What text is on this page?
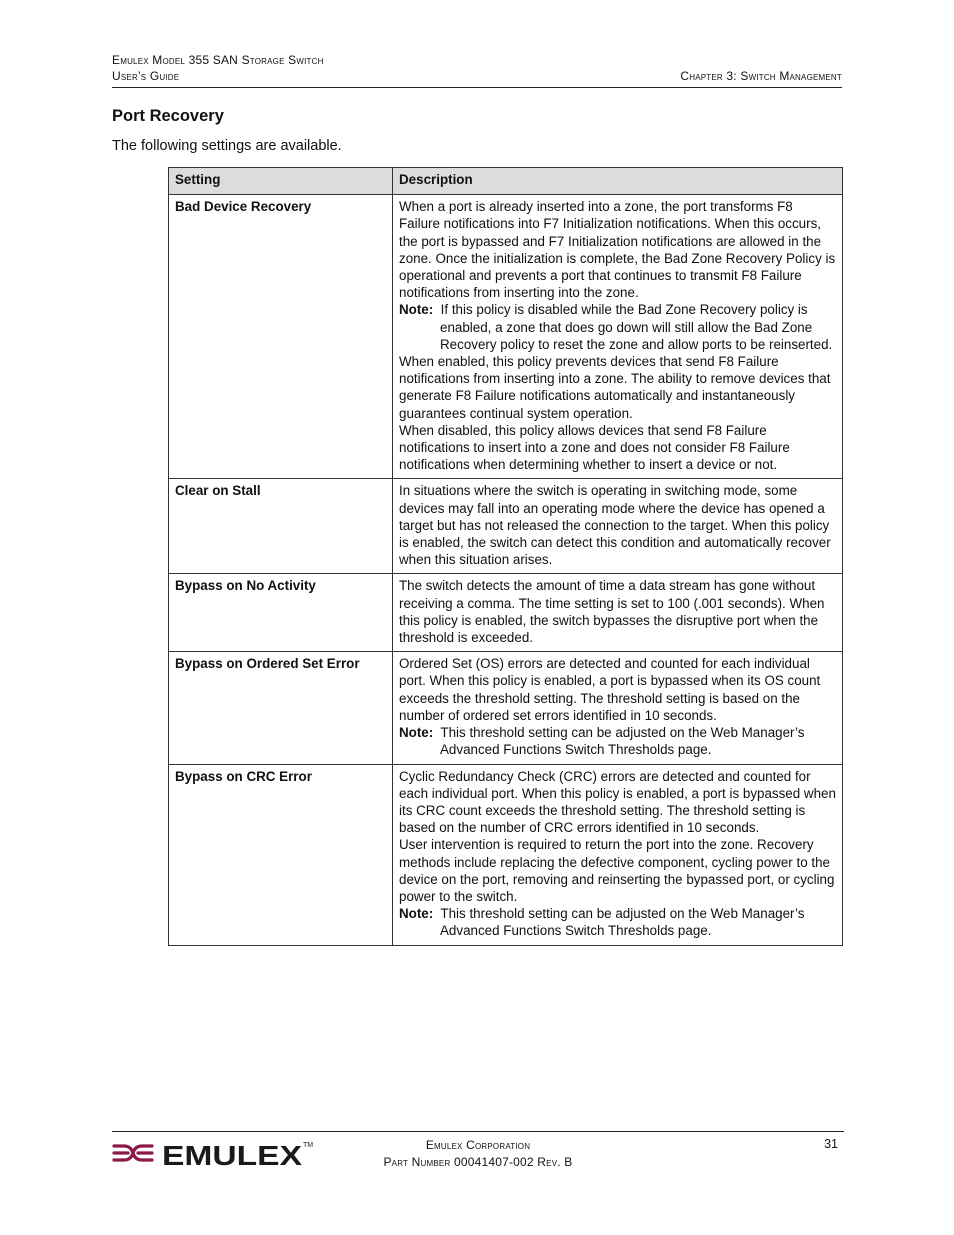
Emulex Model 355 SAN Storage Switch
User’s Guide	Chapter 3: Switch Management
Port Recovery
The following settings are available.
Setting	Description

Bad Device Recovery	When a port is already inserted into a zone, the port transforms F8 Failure notifications into F7 Initialization notifications. When this occurs, the port is bypassed and F7 Initialization notifications are allowed in the zone. Once the initialization is complete, the Bad Zone Recovery Policy is operational and prevents a port that continues to transmit F8 Failure notifications from inserting into the zone.

Note: If this policy is disabled while the Bad Zone Recovery policy is enabled, a zone that does go down will still allow the Bad Zone Recovery policy to reset the zone and allow ports to be reinserted.

When enabled, this policy prevents devices that send F8 Failure notifications from inserting into a zone. The ability to remove devices that generate F8 Failure notifications automatically and instantaneously guarantees continual system operation.

When disabled, this policy allows devices that send F8 Failure notifications to insert into a zone and does not consider F8 Failure notifications when determining whether to insert a device or not.

Clear on Stall	In situations where the switch is operating in switching mode, some devices may fall into an operating mode where the device has opened a target but has not released the connection to the target. When this policy is enabled, the switch can detect this condition and automatically recover when this situation arises.

Bypass on No Activity	The switch detects the amount of time a data stream has gone without receiving a comma. The time setting is set to 100 (.001 seconds). When this policy is enabled, the switch bypasses the disruptive port when the threshold is exceeded.

Bypass on Ordered Set Error	Ordered Set (OS) errors are detected and counted for each individual port. When this policy is enabled, a port is bypassed when its OS count exceeds the threshold setting. The threshold setting is based on the number of ordered set errors identified in 10 seconds.

Note: This threshold setting can be adjusted on the Web Manager’s Advanced Functions Switch Thresholds page.

Bypass on CRC Error	Cyclic Redundancy Check (CRC) errors are detected and counted for each individual port. When this policy is enabled, a port is bypassed when its CRC count exceeds the threshold setting. The threshold setting is based on the number of CRC errors identified in 10 seconds.

User intervention is required to return the port into the zone. Recovery methods include replacing the defective component, cycling power to the device on the port, removing and reinserting the bypassed port, or cycling power to the switch.

Note: This threshold setting can be adjusted on the Web Manager’s Advanced Functions Switch Thresholds page.

EMULEX TM	Emulex Corporation
Part Number 00041407-002 Rev. B
31
